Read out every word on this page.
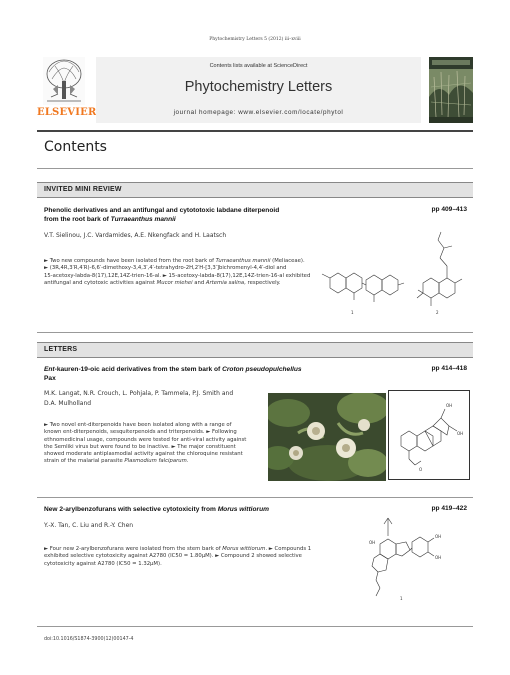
Phytochemistry Letters 5 (2012) iii–xviii
ELSEVIER
Contents lists available at ScienceDirect
Phytochemistry Letters
journal homepage: www.elsevier.com/locate/phytol
Contents
INVITED MINI REVIEW
Phenolic derivatives and an antifungal and cytototoxic labdane diterpenoid
from the root bark of Turraeanthus mannii
pp 409–413
V.T. Sielinou, J.C. Vardamides, A.E. Nkengfack and H. Laatsch
► Two new compounds have been isolated from the root bark of Turraeanthus mannii (Meliaceae).
► (3R,4R,3′R,4′R)-6,6′-dimethoxy-3,4,3′,4′-tetrahydro-2H,2′H-[3,3′]bichromenyl-4,4′-diol and
15-acetoxy-labda-8(17),12E,14Z-trien-16-al. ► 15-acetoxy-labda-8(17),12E,14Z-trien-16-al exhibited
antifungal and cytotoxic activities against Mucor miehei and Artemia salina, respectively.
1	2
LETTERS
Ent-kauren-19-oic acid derivatives from the stem bark of Croton pseudopulchellus
Pax
pp 414–418
M.K. Langat, N.R. Crouch, L. Pohjala, P. Tammela, P.J. Smith and
D.A. Mulholland
► Two novel ent-diterpenoids have been isolated along with a range of
known ent-diterpenoids, sesquiterpenoids and triterpenoids. ► Following
ethnomedicinal usage, compounds were tested for anti-viral activity against
the Semliki virus but were found to be inactive. ► The major constituent
showed moderate antiplasmodial activity against the chloroquine resistant
strain of the malarial parasite Plasmodium falciparum.
OH
OH
O
New 2-arylbenzofurans with selective cytotoxicity from Morus wittiorum	pp 419–422
Y.-X. Tan, C. Liu and R.-Y. Chen
► Four new 2-arylbenzofurans were isolated from the stem bark of Morus wittiorum. ► Compounds 1
exhibited selective cytotoxicity against A2780 (IC50 = 1.80μM). ► Compound 2 showed selective
cytotoxicity against A2780 (IC50 = 1.32μM).
OH
OH
OH
1
doi:10.1016/S1874-3900(12)00147-4
